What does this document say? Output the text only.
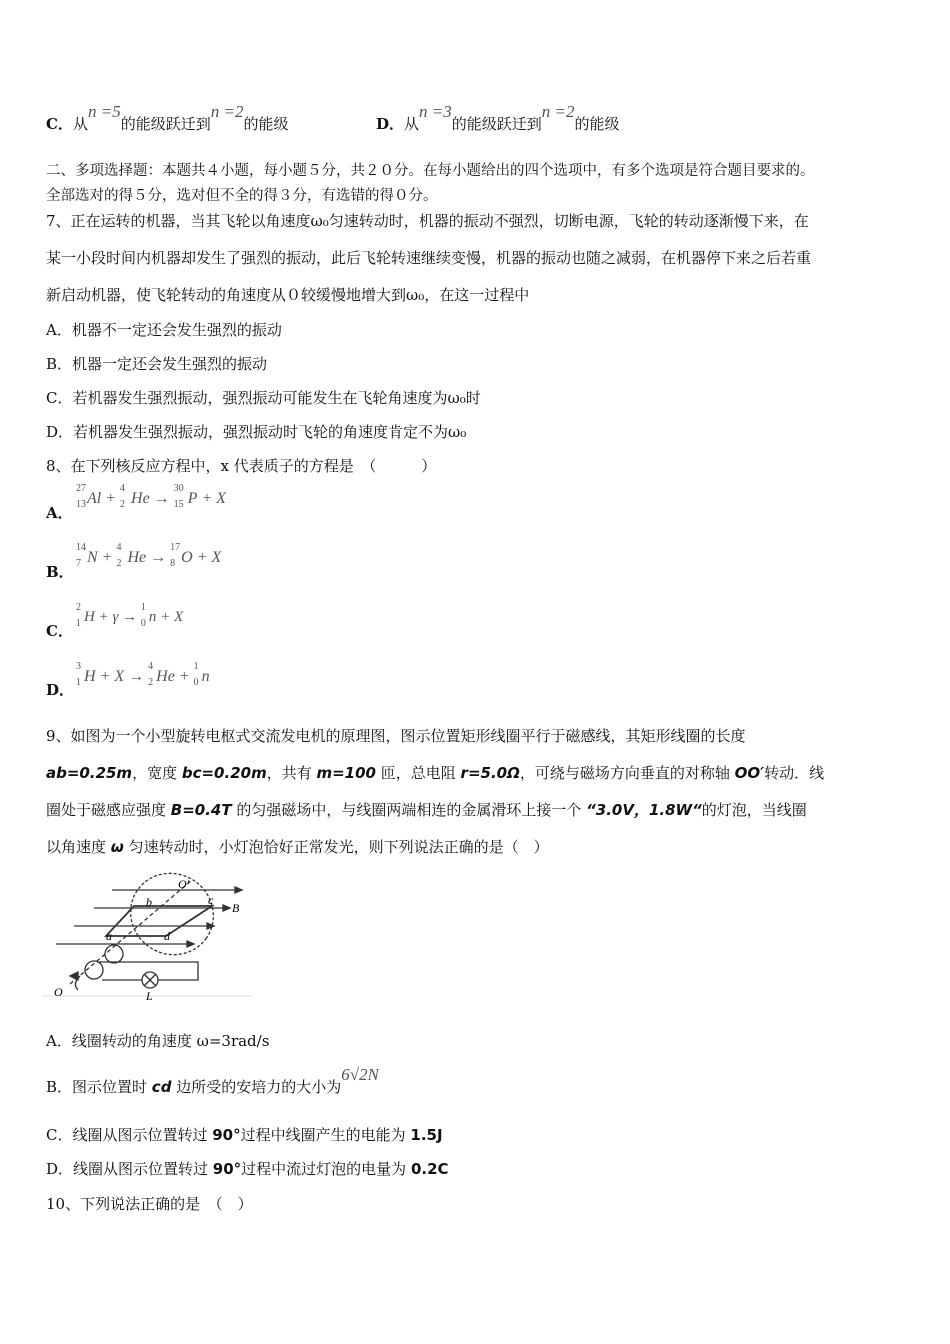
C．从n =5的能级跃迁到n =2的能级	D．从n =3的能级跃迁到n =2的能级
二、多项选择题：本题共４小题，每小题５分，共２０分。在每小题给出的四个选项中，有多个选项是符合题目要求的。
全部选对的得５分，选对但不全的得３分，有选错的得０分。
7、正在运转的机器，当其飞轮以角速度ω₀匀速转动时，机器的振动不强烈，切断电源，飞轮的转动逐渐慢下来，在
某一小段时间内机器却发生了强烈的振动，此后飞轮转速继续变慢，机器的振动也随之减弱，在机器停下来之后若重
新启动机器，使飞轮转动的角速度从０较缓慢地增大到ω₀，在这一过程中
A．机器不一定还会发生强烈的振动
B．机器一定还会发生强烈的振动
C．若机器发生强烈振动，强烈振动可能发生在飞轮角速度为ω₀时
D．若机器发生强烈振动，强烈振动时飞轮的角速度肯定不为ω₀
8、在下列核反应方程中，x 代表质子的方程是　（　　　）
A．
27
13 Al +
4
2 He →
30
15 P + X
B．
14
7 N +
4
2 He →
17
8 O + X
C．
2
1 H + γ →
1
0 n + X
D．
3
1 H + X →
4
2 He +
1
0 n
9、如图为一个小型旋转电枢式交流发电机的原理图，图示位置矩形线圈平行于磁感线，其矩形线圈的长度
ab=0.25m，宽度 bc=0.20m，共有 m=100 匝，总电阻 r=5.0Ω，可绕与磁场方向垂直的对称轴 OO′转动．线
圈处于磁感应强度 B=0.4T 的匀强磁场中，与线圈两端相连的金属滑环上接一个 “3.0V，1.8W“的灯泡，当线圈
以角速度 ω 匀速转动时，小灯泡恰好正常发光，则下列说法正确的是（　）
O′
b	c
B
a	d
O	L
A．线圈转动的角速度 ω=3rad/s
B．图示位置时 cd 边所受的安培力的大小为6√2N
C．线圈从图示位置转过 90°过程中线圈产生的电能为 1.5J
D．线圈从图示位置转过 90°过程中流过灯泡的电量为 0.2C
10、下列说法正确的是　（　）
